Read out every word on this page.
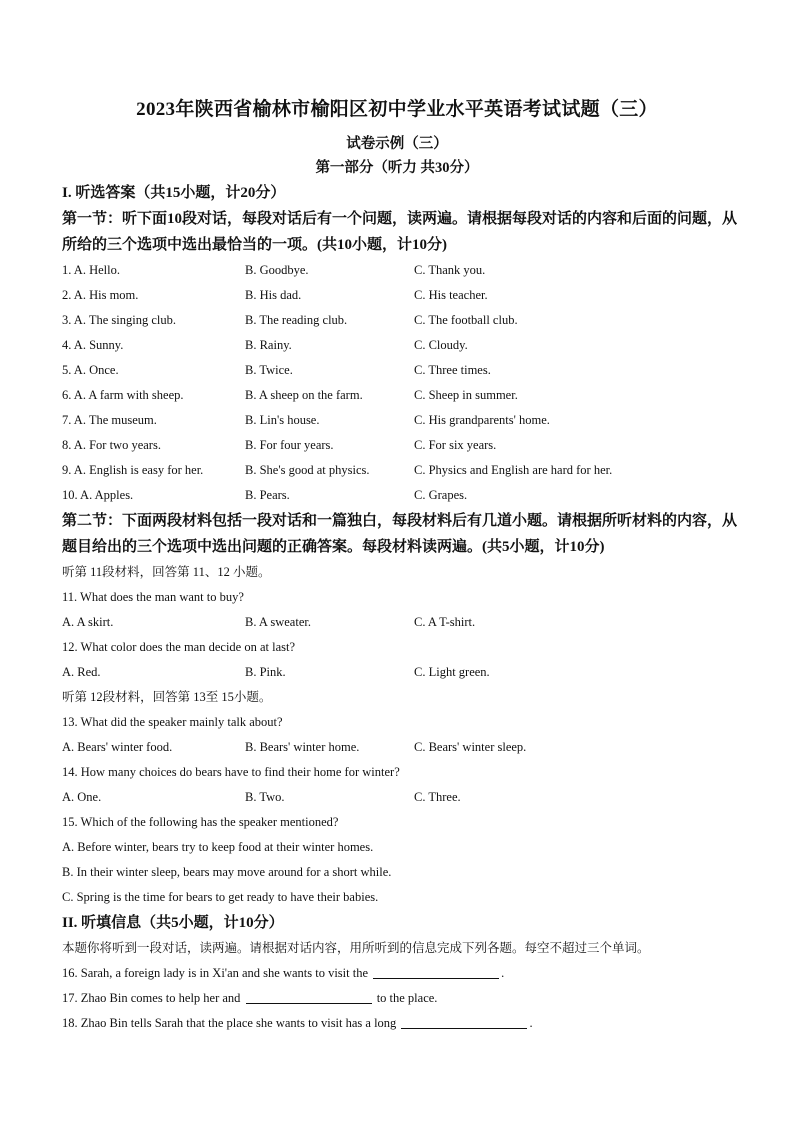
2023年陕西省榆林市榆阳区初中学业水平英语考试试题（三）
试卷示例（三）
第一部分（听力 共30分）
I. 听选答案（共15小题，计20分）
第一节：听下面10段对话，每段对话后有一个问题，读两遍。请根据每段对话的内容和后面的问题，从所给的三个选项中选出最恰当的一项。(共10小题，计10分)
1. A. Hello.	B. Goodbye.	C. Thank you.
2. A. His mom.	B. His dad.	C. His teacher.
3. A. The singing club.	B. The reading club.	C. The football club.
4. A. Sunny.	B. Rainy.	C. Cloudy.
5. A. Once.	B. Twice.	C. Three times.
6. A. A farm with sheep.	B. A sheep on the farm.	C. Sheep in summer.
7. A. The museum.	B. Lin's house.	C. His grandparents' home.
8. A. For two years.	B. For four years.	C. For six years.
9. A. English is easy for her.	B. She's good at physics.	C. Physics and English are hard for her.
10. A. Apples.	B. Pears.	C. Grapes.
第二节：下面两段材料包括一段对话和一篇独白，每段材料后有几道小题。请根据所听材料的内容，从题目给出的三个选项中选出问题的正确答案。每段材料读两遍。(共5小题，计10分)
听第 11段材料，回答第 11、12 小题。
11. What does the man want to buy?
A. A skirt.	B. A sweater.	C. A T-shirt.
12. What color does the man decide on at last?
A. Red.	B. Pink.	C. Light green.
听第 12段材料，回答第 13至 15小题。
13. What did the speaker mainly talk about?
A. Bears' winter food.	B. Bears' winter home.	C. Bears' winter sleep.
14. How many choices do bears have to find their home for winter?
A. One.	B. Two.	C. Three.
15. Which of the following has the speaker mentioned?
A. Before winter, bears try to keep food at their winter homes.
B. In their winter sleep, bears may move around for a short while.
C. Spring is the time for bears to get ready to have their babies.
II. 听填信息（共5小题，计10分）
本题你将听到一段对话，读两遍。请根据对话内容，用所听到的信息完成下列各题。每空不超过三个单词。
16. Sarah, a foreign lady is in Xi'an and she wants to visit the	.
17. Zhao Bin comes to help her and	to the place.
18. Zhao Bin tells Sarah that the place she wants to visit has a long	.
